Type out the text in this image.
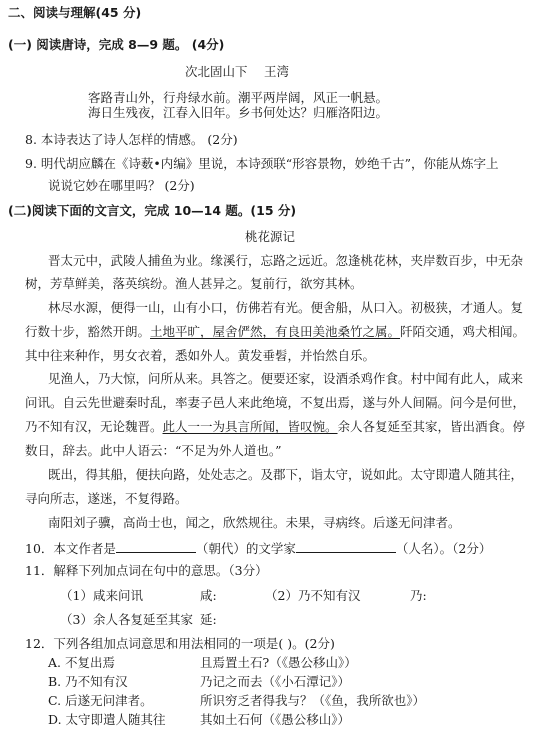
二、阅读与理解(45 分)
(一) 阅读唐诗，完成 8—9 题。 (4分)
次北固山下 王湾
客路青山外，行舟绿水前。潮平两岸阔，风正一帆悬。
海日生残夜，江春入旧年。乡书何处达？归雁洛阳边。
8. 本诗表达了诗人怎样的情感。 (2分)
9. 明代胡应麟在《诗薮•内编》里说，本诗颈联“形容景物，妙绝千古”，你能从炼字上
说说它妙在哪里吗？ (2分)
(二)阅读下面的文言文，完成 10—14 题。(15 分)
桃花源记
晋太元中，武陵人捕鱼为业。缘溪行，忘路之远近。忽逢桃花林，夹岸数百步，中无杂
树，芳草鲜美，落英缤纷。渔人甚异之。复前行，欲穷其林。
林尽水源，便得一山，山有小口，仿佛若有光。便舍船，从口入。初极狭，才通人。复
行数十步，豁然开朗。土地平旷，屋舍俨然，有良田美池桑竹之属。阡陌交通，鸡犬相闻。
其中往来种作，男女衣着，悉如外人。黄发垂髫，并怡然自乐。
见渔人，乃大惊，问所从来。具答之。便要还家，设酒杀鸡作食。村中闻有此人，咸来
问讯。自云先世避秦时乱，率妻子邑人来此绝境，不复出焉，遂与外人间隔。问今是何世，
乃不知有汉，无论魏晋。此人一一为具言所闻，皆叹惋。余人各复延至其家，皆出酒食。停
数日，辞去。此中人语云：“不足为外人道也。”
既出，得其船，便扶向路，处处志之。及郡下，诣太守，说如此。太守即遣人随其往，
寻向所志，遂迷，不复得路。
南阳刘子骥，高尚士也，闻之，欣然规往。未果，寻病终。后遂无问津者。
10．本文作者是	（朝代）的文学家	（人名）。（2分）
11．解释下列加点词在句中的意思。（3分）
（1）咸来问讯	咸:	（2）乃不知有汉	乃:
（3）余人各复延至其家 延:
12．下列各组加点词意思和用法相同的一项是( )。(2分)
A. 不复出焉	且焉置土石?（《愚公移山》）
B. 乃不知有汉	乃记之而去（《小石潭记》）
C. 后遂无问津者。	所识穷乏者得我与？（《鱼，我所欲也》）
D. 太守即遣人随其往	其如土石何（《愚公移山》）
